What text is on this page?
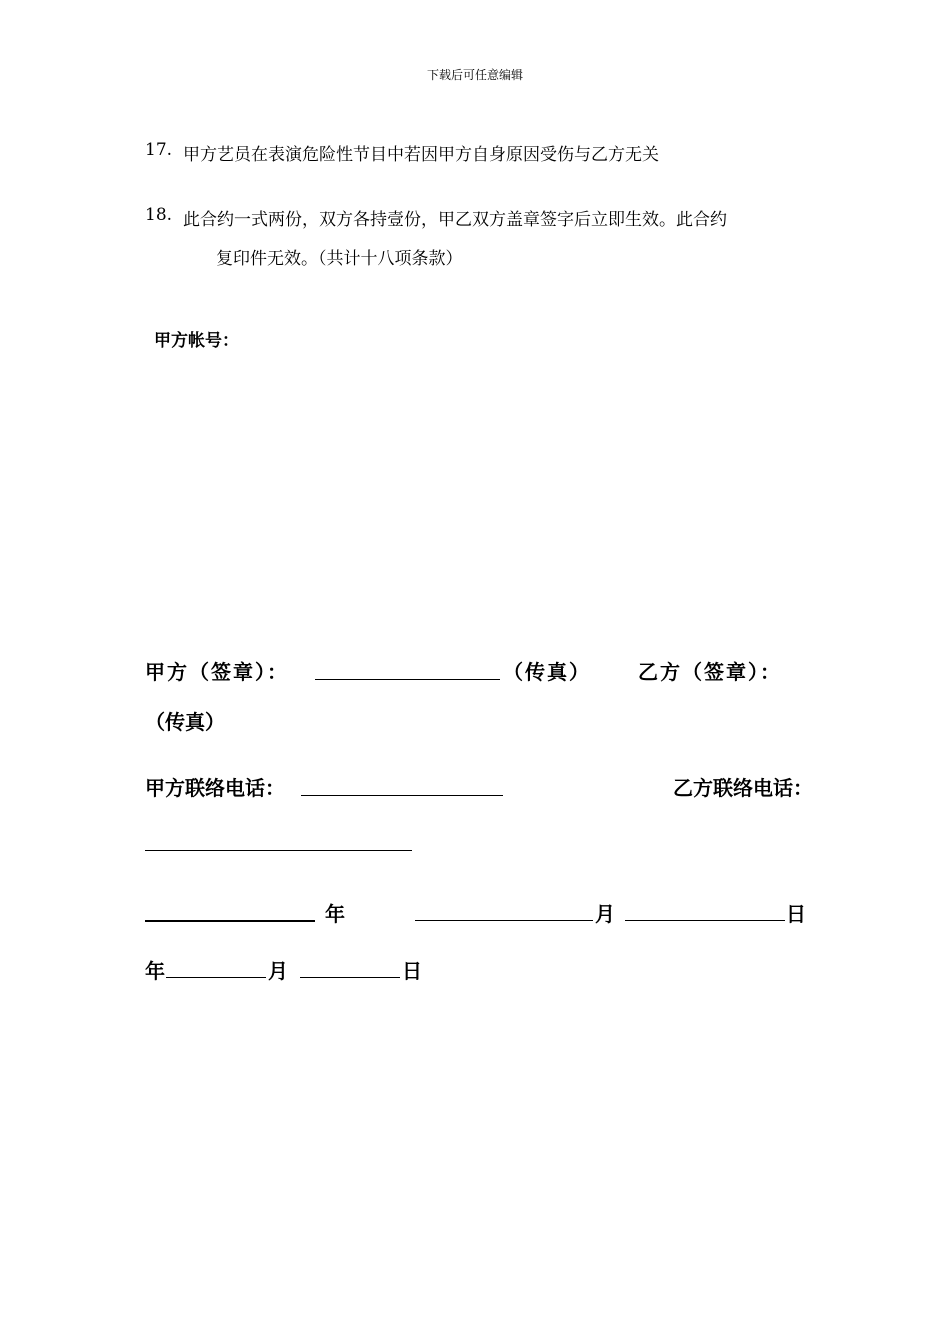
下载后可任意编辑
17. 甲方艺员在表演危险性节目中若因甲方自身原因受伤与乙方无关
18. 此合约一式两份，双方各持壹份，甲乙双方盖章签字后立即生效。此合约
复印件无效。（共计十八项条款）
甲方帐号：
甲方（签章）：	（传真） 乙方（签章）：
（传真）
甲方联络电话：	乙方联络电话：
年	月	日
年	月	日
